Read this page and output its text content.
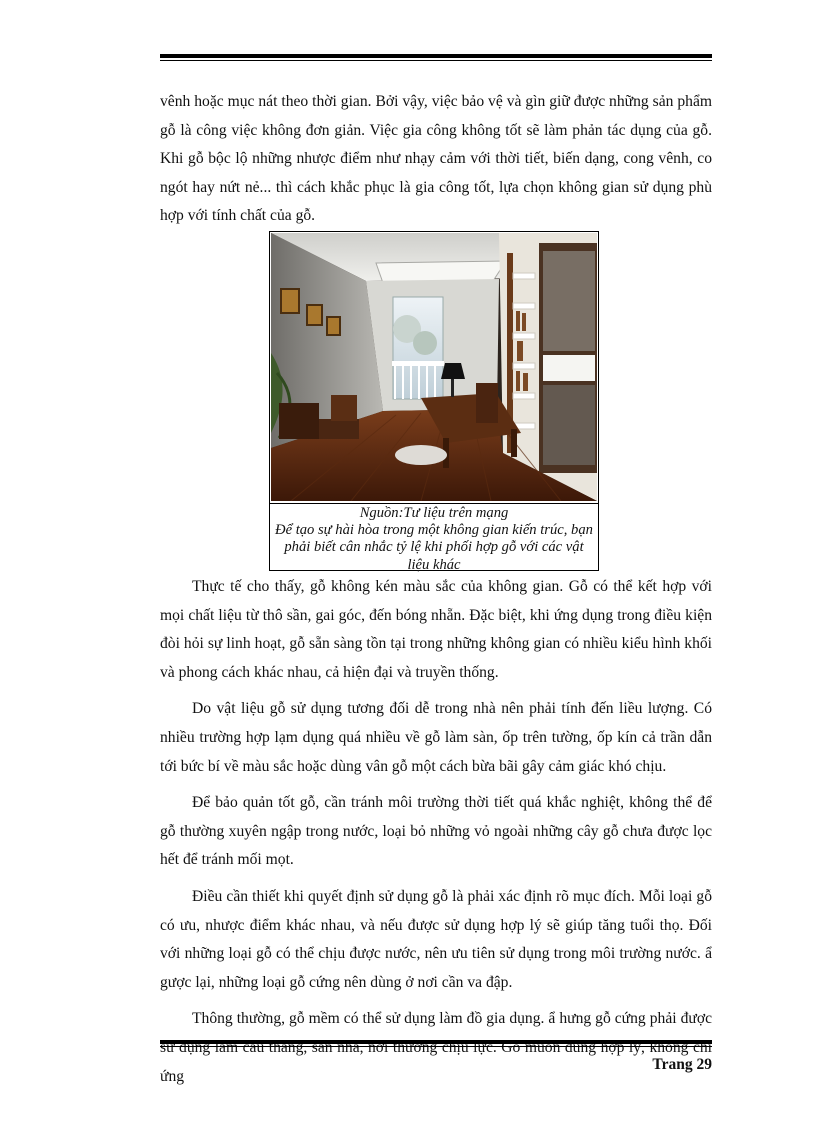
vênh hoặc mục nát theo thời gian. Bởi vậy, việc bảo vệ và gìn giữ được những sản phẩm gỗ là công việc không đơn giản. Việc gia công không tốt sẽ làm phản tác dụng của gỗ. Khi gỗ bộc lộ những nhược điểm như nhạy cảm với thời tiết, biến dạng, cong vênh, co ngót hay nứt nẻ... thì cách khắc phục là gia công tốt, lựa chọn không gian sử dụng phù hợp với tính chất của gỗ.

Nguồn:Tư liệu trên mạng
Để tạo sự hài hòa trong một không gian kiến trúc, bạn
phải biết cân nhắc tỷ lệ khi phối hợp gỗ với các vật
liệu khác

Thực tế cho thấy, gỗ không kén màu sắc của không gian. Gỗ có thể kết hợp với mọi chất liệu từ thô sần, gai góc, đến bóng nhẵn. Đặc biệt, khi ứng dụng trong điều kiện đòi hỏi sự linh hoạt, gỗ sẵn sàng tồn tại trong những không gian có nhiều kiểu hình khối và phong cách khác nhau, cả hiện đại và truyền thống.

Do vật liệu gỗ sử dụng tương đối dễ trong nhà nên phải tính đến liều lượng. Có nhiều trường hợp lạm dụng quá nhiều về gỗ làm sàn, ốp trên tường, ốp kín cả trần dẫn tới bức bí về màu sắc hoặc dùng vân gỗ một cách bừa bãi gây cảm giác khó chịu.

Để bảo quản tốt gỗ, cần tránh môi trường thời tiết quá khắc nghiệt, không thể để gỗ thường xuyên ngập trong nước, loại bỏ những vỏ ngoài những cây gỗ chưa được lọc hết để tránh mối mọt.

Điều cần thiết khi quyết định sử dụng gỗ là phải xác định rõ mục đích. Mỗi loại gỗ có ưu, nhược điểm khác nhau, và nếu được sử dụng hợp lý sẽ giúp tăng tuổi thọ. Đối với những loại gỗ có thể chịu được nước, nên ưu tiên sử dụng trong môi trường nước. ẩ gược lại, những loại gỗ cứng nên dùng ở nơi cần va đập.

Thông thường, gỗ mềm có thể sử dụng làm đồ gia dụng. ẩ hưng gỗ cứng phải được sử dụng làm cầu thang, sàn nhà, nơi thường chịu lực. Gỗ muốn dùng hợp lý, không chỉ ứng

Trang 29
